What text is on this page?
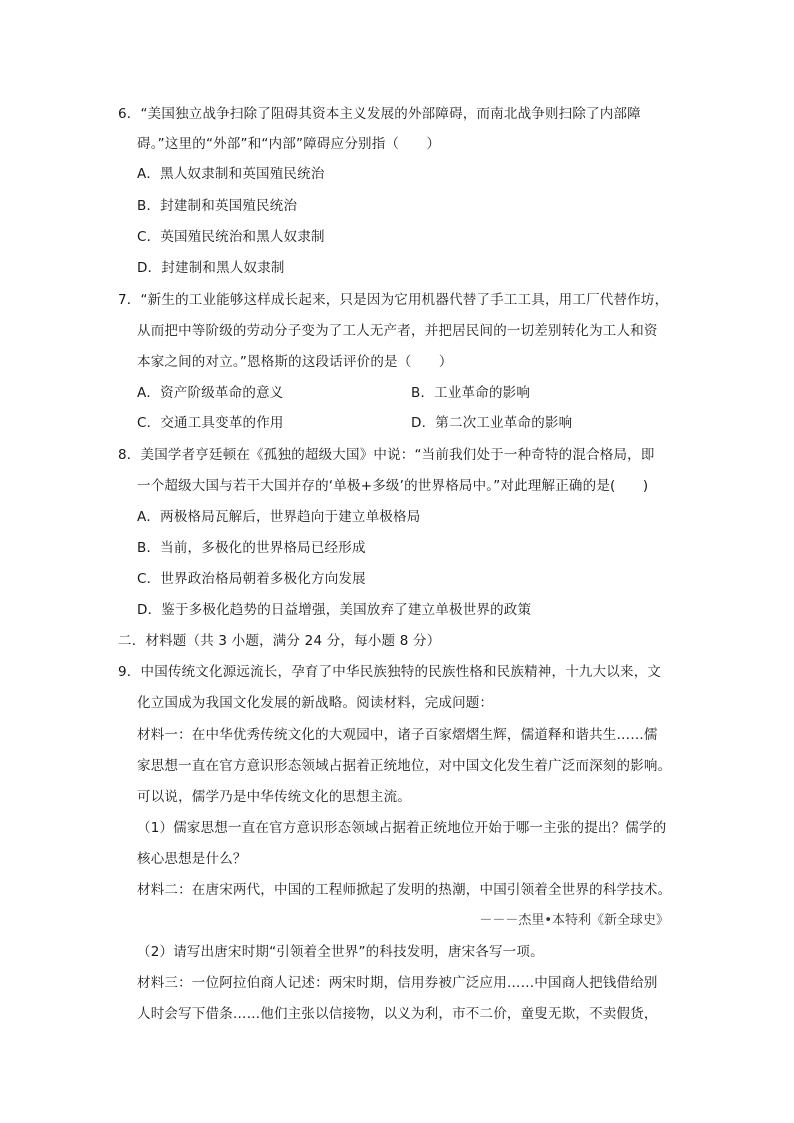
6．“美国独立战争扫除了阻碍其资本主义发展的外部障碍，而南北战争则扫除了内部障
碍。”这里的“外部”和“内部”障碍应分别指（　　）
A．黑人奴隶制和英国殖民统治
B．封建制和英国殖民统治
C．英国殖民统治和黑人奴隶制
D．封建制和黑人奴隶制
7．“新生的工业能够这样成长起来，只是因为它用机器代替了手工工具，用工厂代替作坊，
从而把中等阶级的劳动分子变为了工人无产者，并把居民间的一切差别转化为工人和资
本家之间的对立。”恩格斯的这段话评价的是（　　）
A．资产阶级革命的意义	B．工业革命的影响
C．交通工具变革的作用	D．第二次工业革命的影响
8．美国学者亨廷顿在《孤独的超级大国》中说：“当前我们处于一种奇特的混合格局，即
一个超级大国与若干大国并存的‘单极+多级’的世界格局中。”对此理解正确的是(　　)
A．两极格局瓦解后，世界趋向于建立单极格局
B．当前，多极化的世界格局已经形成
C．世界政治格局朝着多极化方向发展
D．鉴于多极化趋势的日益增强，美国放弃了建立单极世界的政策
二．材料题（共 3 小题，满分 24 分，每小题 8 分）
9．中国传统文化源远流长，孕育了中华民族独特的民族性格和民族精神，十九大以来，文
化立国成为我国文化发展的新战略。阅读材料，完成问题：
材料一：在中华优秀传统文化的大观园中，诸子百家熠熠生辉，儒道释和谐共生……儒
家思想一直在官方意识形态领域占据着正统地位，对中国文化发生着广泛而深刻的影响。
可以说，儒学乃是中华传统文化的思想主流。
（1）儒家思想一直在官方意识形态领域占据着正统地位开始于哪一主张的提出？儒学的
核心思想是什么？
材料二：在唐宋两代，中国的工程师掀起了发明的热潮，中国引领着全世界的科学技术。
－－－杰里•本特利《新全球史》
（2）请写出唐宋时期“引领着全世界”的科技发明，唐宋各写一项。
材料三：一位阿拉伯商人记述：两宋时期，信用券被广泛应用……中国商人把钱借给别
人时会写下借条……他们主张以信接物，以义为利，市不二价，童叟无欺，不卖假货，
